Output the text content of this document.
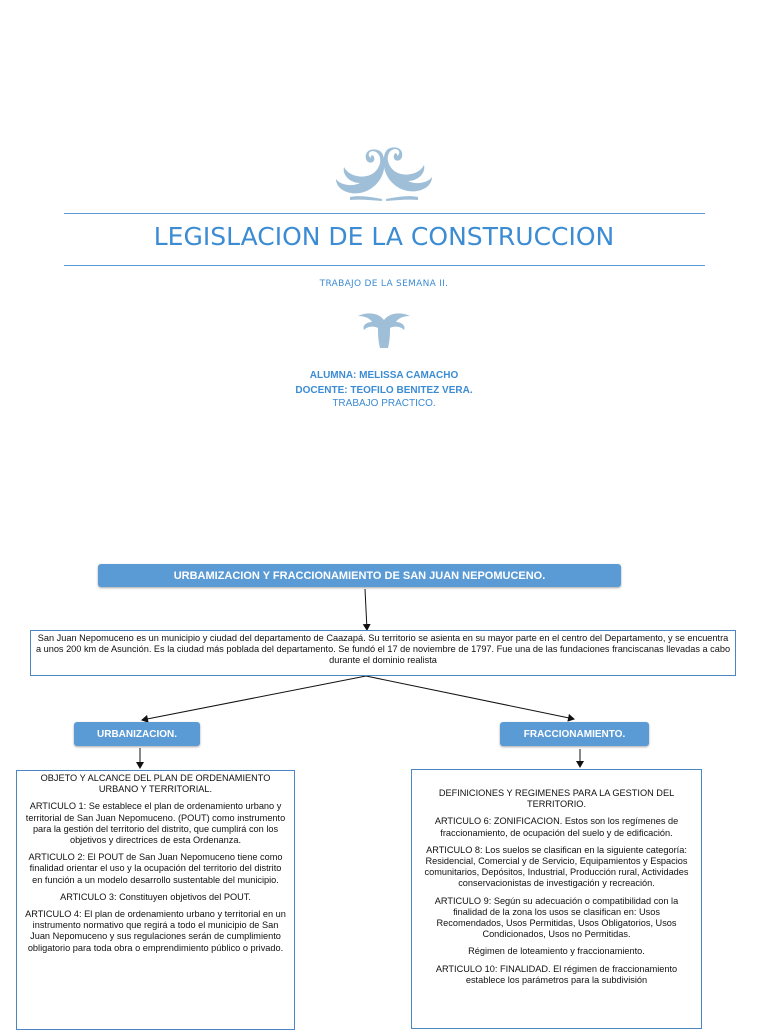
LEGISLACION DE LA CONSTRUCCION
TRABAJO DE LA SEMANA II.
ALUMNA: MELISSA CAMACHO
DOCENTE: TEOFILO BENITEZ VERA.
TRABAJO PRACTICO.
URBAMIZACION Y FRACCIONAMIENTO DE SAN JUAN NEPOMUCENO.
San Juan Nepomuceno es un municipio y ciudad del departamento de Caazapá. Su territorio se asienta en su mayor parte en el centro del Departamento, y se encuentra a unos 200 km de Asunción. Es la ciudad más poblada del departamento. Se fundó el 17 de noviembre de 1797. Fue una de las fundaciones franciscanas llevadas a cabo durante el dominio realista
URBANIZACION.	FRACCIONAMIENTO.

OBJETO Y ALCANCE DEL PLAN DE ORDENAMIENTO URBANO Y TERRITORIAL.

ARTICULO 1: Se establece el plan de ordenamiento urbano y territorial de San Juan Nepomuceno. (POUT) como instrumento para la gestión del territorio del distrito, que cumplirá con los objetivos y directrices de esta Ordenanza.

ARTICULO 2: El POUT de San Juan Nepomuceno tiene como finalidad orientar el uso y la ocupación del territorio del distrito en función a un modelo desarrollo sustentable del municipio.

ARTICULO 3: Constituyen objetivos del POUT.

ARTICULO 4: El plan de ordenamiento urbano y territorial en un instrumento normativo que regirá a todo el municipio de San Juan Nepomuceno y sus regulaciones serán de cumplimiento obligatorio para toda obra o emprendimiento público o privado.

DEFINICIONES Y REGIMENES PARA LA GESTION DEL TERRITORIO.

ARTICULO 6: ZONIFICACION. Estos son los regímenes de fraccionamiento, de ocupación del suelo y de edificación.

ARTICULO 8: Los suelos se clasifican en la siguiente categoría: Residencial, Comercial y de Servicio, Equipamientos y Espacios comunitarios, Depósitos, Industrial, Producción rural, Actividades conservacionistas de investigación y recreación.

ARTICULO 9: Según su adecuación o compatibilidad con la finalidad de la zona los usos se clasifican en: Usos Recomendados, Usos Permitidas, Usos Obligatorios, Usos Condicionados, Usos no Permitidas.

Régimen de loteamiento y fraccionamiento.

ARTICULO 10: FINALIDAD. El régimen de fraccionamiento establece los parámetros para la subdivisión
